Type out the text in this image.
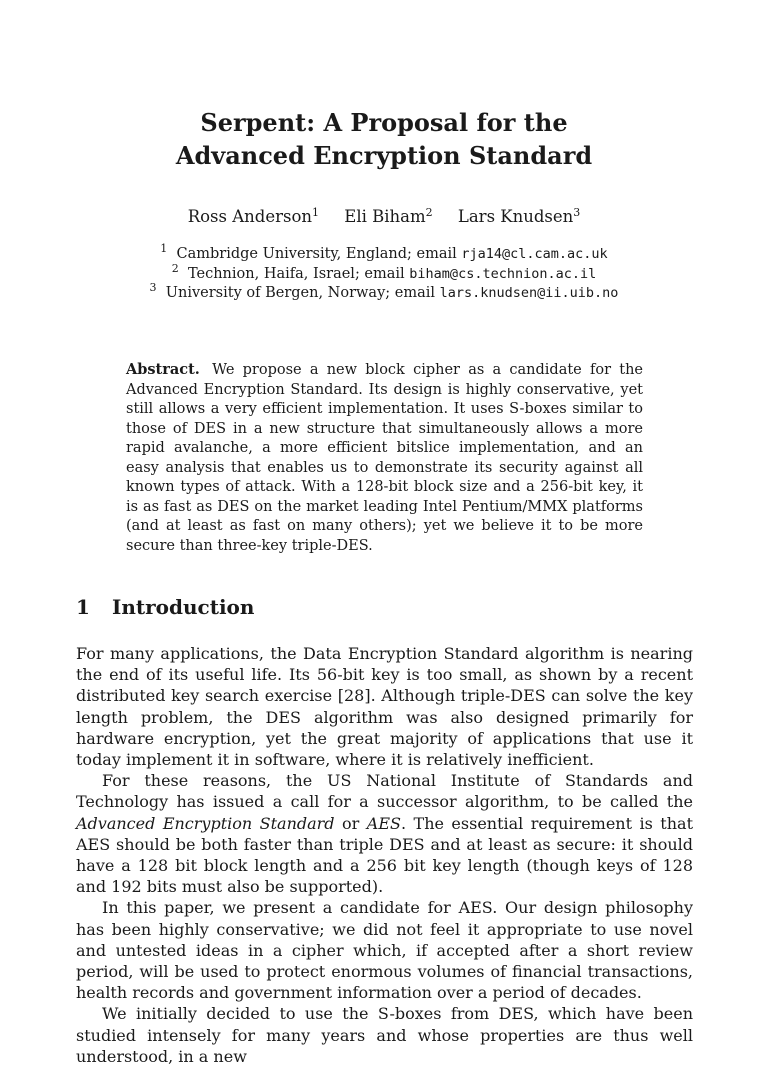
Serpent: A Proposal for the
Advanced Encryption Standard
Ross Anderson$^1$ Eli Biham$^2$ Lars Knudsen$^3$
$^1$ Cambridge University, England; email rja14@cl.cam.ac.uk
$^2$ Technion, Haifa, Israel; email biham@cs.technion.ac.il
$^3$ University of Bergen, Norway; email lars.knudsen@ii.uib.no
Abstract. We propose a new block cipher as a candidate for the Advanced Encryption Standard. Its design is highly conservative, yet still allows a very efficient implementation. It uses S-boxes similar to those of DES in a new structure that simultaneously allows a more rapid avalanche, a more efficient bitslice implementation, and an easy analysis that enables us to demonstrate its security against all known types of attack. With a 128-bit block size and a 256-bit key, it is as fast as DES on the market leading Intel Pentium/MMX platforms (and at least as fast on many others); yet we believe it to be more secure than three-key triple-DES.
1 Introduction

For many applications, the Data Encryption Standard algorithm is nearing the end of its useful life. Its 56-bit key is too small, as shown by a recent distributed key search exercise [28]. Although triple-DES can solve the key length problem, the DES algorithm was also designed primarily for hardware encryption, yet the great majority of applications that use it today implement it in software, where it is relatively inefficient.

For these reasons, the US National Institute of Standards and Technology has issued a call for a successor algorithm, to be called the Advanced Encryption Standard or AES. The essential requirement is that AES should be both faster than triple DES and at least as secure: it should have a 128 bit block length and a 256 bit key length (though keys of 128 and 192 bits must also be supported).

In this paper, we present a candidate for AES. Our design philosophy has been highly conservative; we did not feel it appropriate to use novel and untested ideas in a cipher which, if accepted after a short review period, will be used to protect enormous volumes of financial transactions, health records and government information over a period of decades.

We initially decided to use the S-boxes from DES, which have been studied intensely for many years and whose properties are thus well understood, in a new
